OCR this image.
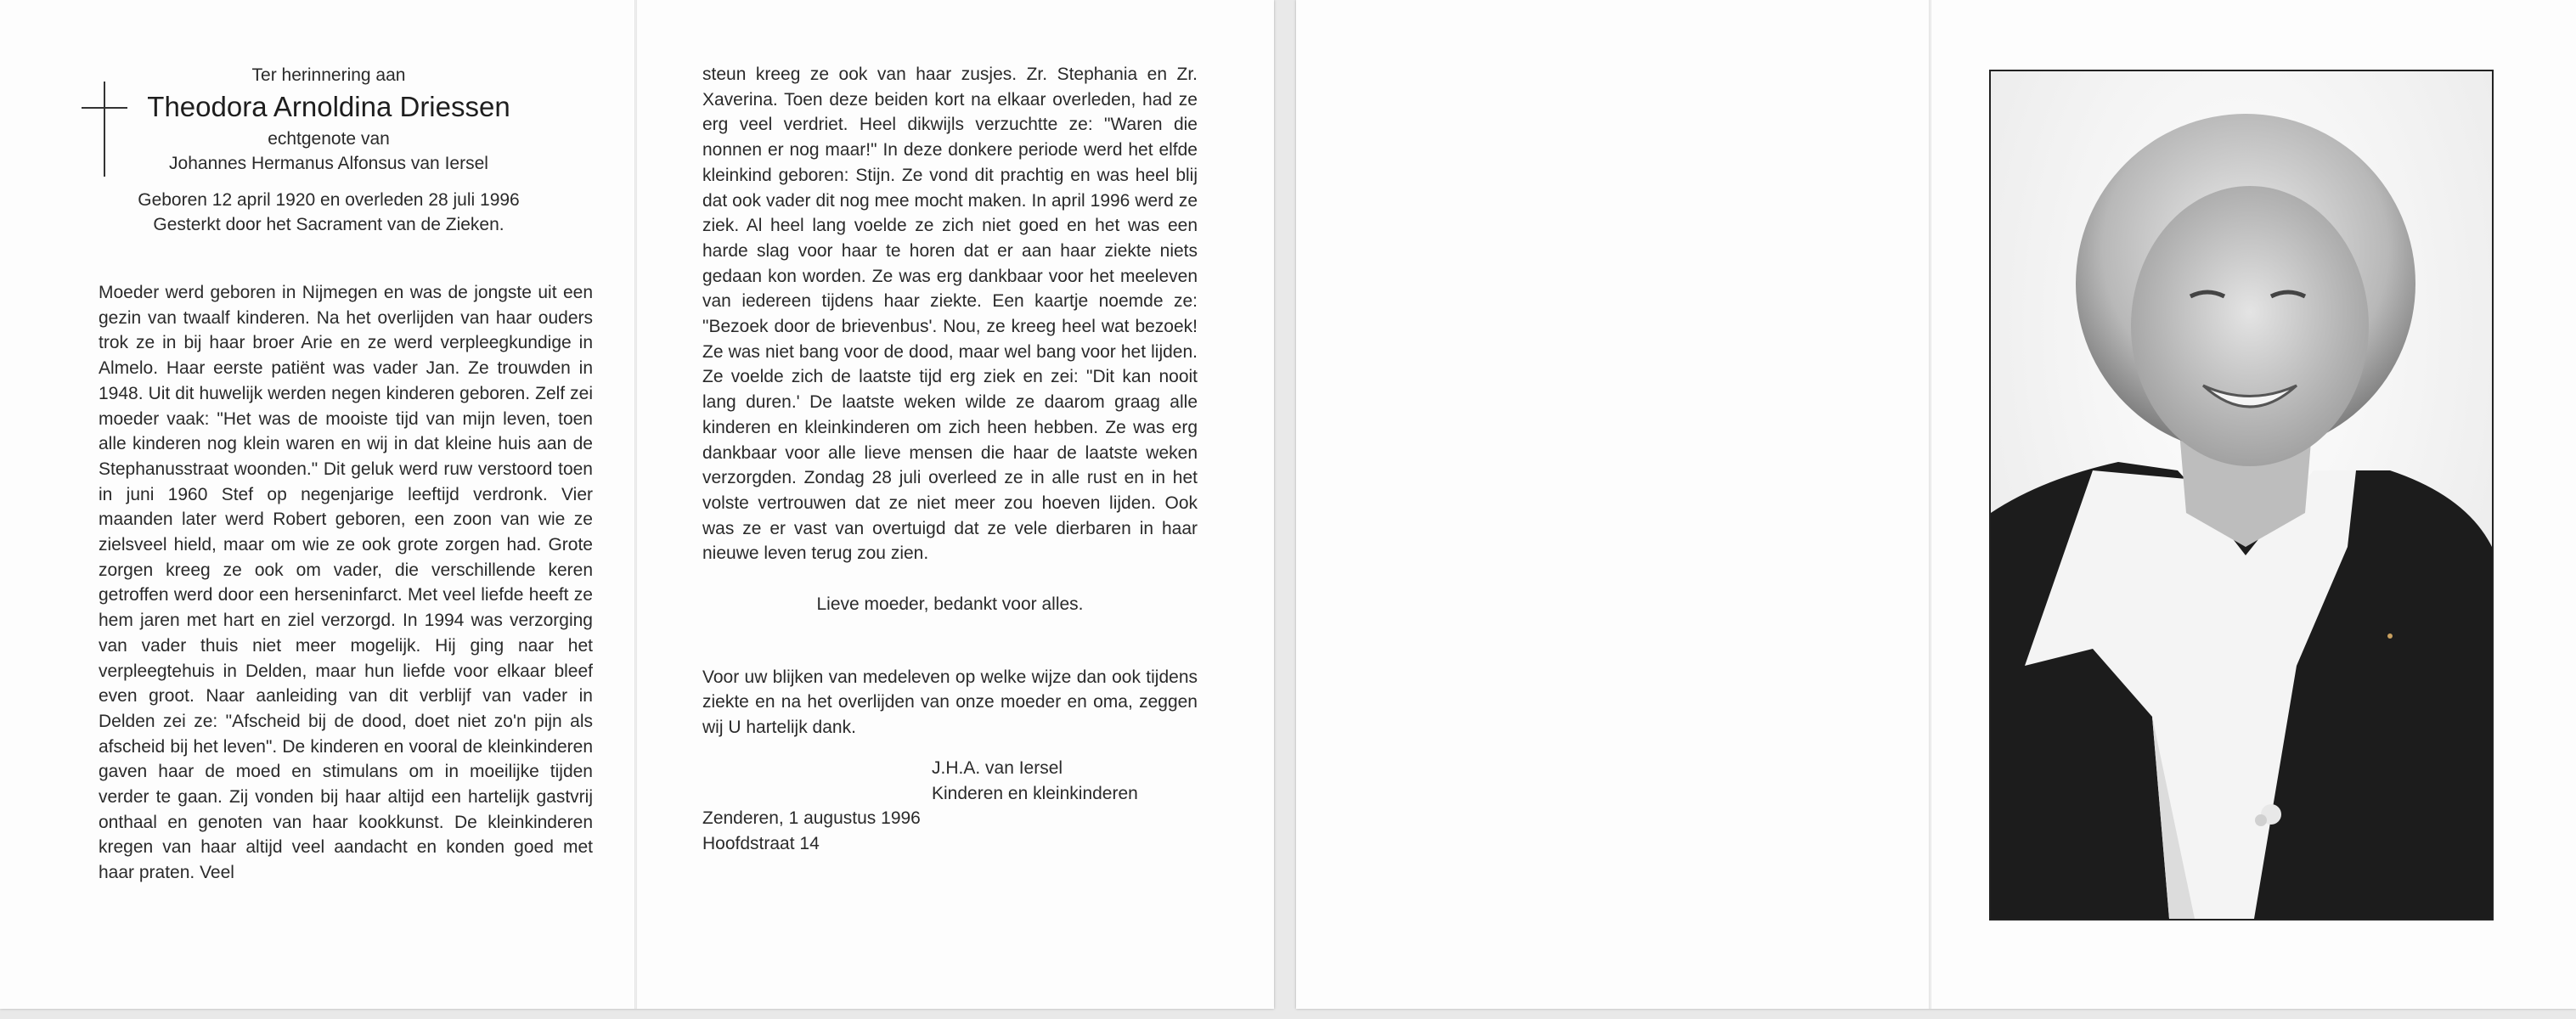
Ter herinnering aan
Theodora Arnoldina Driessen
echtgenote van
Johannes Hermanus Alfonsus van Iersel
Geboren 12 april 1920 en overleden 28 juli 1996
Gesterkt door het Sacrament van de Zieken.

Moeder werd geboren in Nijmegen en was de jongste uit een gezin van twaalf kinderen. Na het overlijden van haar ouders trok ze in bij haar broer Arie en ze werd verpleegkundige in Almelo. Haar eerste patiënt was vader Jan. Ze trouwden in 1948. Uit dit huwelijk werden negen kinderen geboren. Zelf zei moeder vaak: "Het was de mooiste tijd van mijn leven, toen alle kinderen nog klein waren en wij in dat kleine huis aan de Stephanusstraat woonden." Dit geluk werd ruw verstoord toen in juni 1960 Stef op negenjarige leeftijd verdronk. Vier maanden later werd Robert geboren, een zoon van wie ze zielsveel hield, maar om wie ze ook grote zorgen had. Grote zorgen kreeg ze ook om vader, die verschillende keren getroffen werd door een herseninfarct. Met veel liefde heeft ze hem jaren met hart en ziel verzorgd. In 1994 was verzorging van vader thuis niet meer mogelijk. Hij ging naar het verpleegtehuis in Delden, maar hun liefde voor elkaar bleef even groot. Naar aanleiding van dit verblijf van vader in Delden zei ze: "Afscheid bij de dood, doet niet zo'n pijn als afscheid bij het leven". De kinderen en vooral de kleinkinderen gaven haar de moed en stimulans om in moeilijke tijden verder te gaan. Zij vonden bij haar altijd een hartelijk gastvrij onthaal en genoten van haar kookkunst. De kleinkinderen kregen van haar altijd veel aandacht en konden goed met haar praten. Veel

steun kreeg ze ook van haar zusjes. Zr. Stephania en Zr. Xaverina. Toen deze beiden kort na elkaar overleden, had ze erg veel verdriet. Heel dikwijls verzuchtte ze: "Waren die nonnen er nog maar!" In deze donkere periode werd het elfde kleinkind geboren: Stijn. Ze vond dit prachtig en was heel blij dat ook vader dit nog mee mocht maken. In april 1996 werd ze ziek. Al heel lang voelde ze zich niet goed en het was een harde slag voor haar te horen dat er aan haar ziekte niets gedaan kon worden. Ze was erg dankbaar voor het meeleven van iedereen tijdens haar ziekte. Een kaartje noemde ze: "Bezoek door de brievenbus'. Nou, ze kreeg heel wat bezoek! Ze was niet bang voor de dood, maar wel bang voor het lijden. Ze voelde zich de laatste tijd erg ziek en zei: "Dit kan nooit lang duren.' De laatste weken wilde ze daarom graag alle kinderen en kleinkinderen om zich heen hebben. Ze was erg dankbaar voor alle lieve mensen die haar de laatste weken verzorgden. Zondag 28 juli overleed ze in alle rust en in het volste vertrouwen dat ze niet meer zou hoeven lijden. Ook was ze er vast van overtuigd dat ze vele dierbaren in haar nieuwe leven terug zou zien.

Lieve moeder, bedankt voor alles.

Voor uw blijken van medeleven op welke wijze dan ook tijdens ziekte en na het overlijden van onze moeder en oma, zeggen wij U hartelijk dank.

J.H.A. van Iersel
Kinderen en kleinkinderen
Zenderen, 1 augustus 1996
Hoofdstraat 14
